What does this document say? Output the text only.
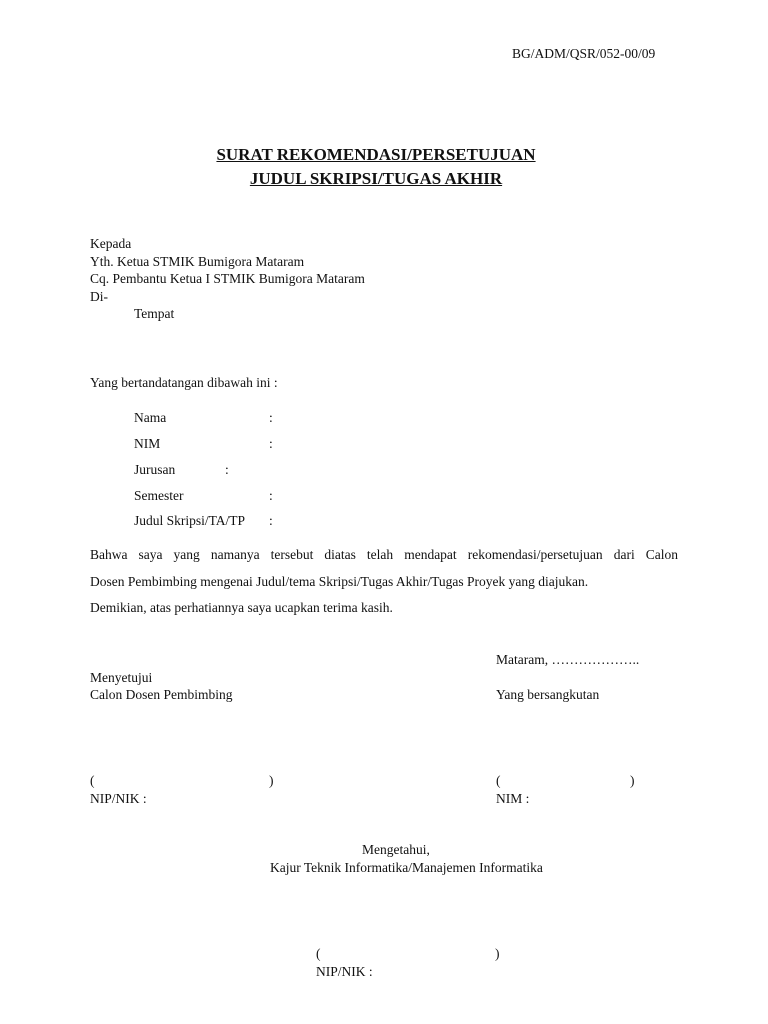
BG/ADM/QSR/052-00/09
SURAT REKOMENDASI/PERSETUJUAN
JUDUL SKRIPSI/TUGAS AKHIR
Kepada
Yth. Ketua STMIK Bumigora Mataram
Cq. Pembantu Ketua I STMIK Bumigora Mataram
Di-
Tempat
Yang bertandatangan dibawah ini :
Nama	:
NIM	:
Jurusan	:
Semester	:
Judul Skripsi/TA/TP :
Bahwa saya yang namanya tersebut diatas telah mendapat rekomendasi/persetujuan dari Calon
Dosen Pembimbing mengenai Judul/tema Skripsi/Tugas Akhir/Tugas Proyek yang diajukan.
Demikian, atas perhatiannya saya ucapkan terima kasih.
Mataram, ………………..
Menyetujui
Calon Dosen Pembimbing	Yang bersangkutan
(	)	(	)
NIP/NIK :	NIM :
Mengetahui,
Kajur Teknik Informatika/Manajemen Informatika
(	)
NIP/NIK :
